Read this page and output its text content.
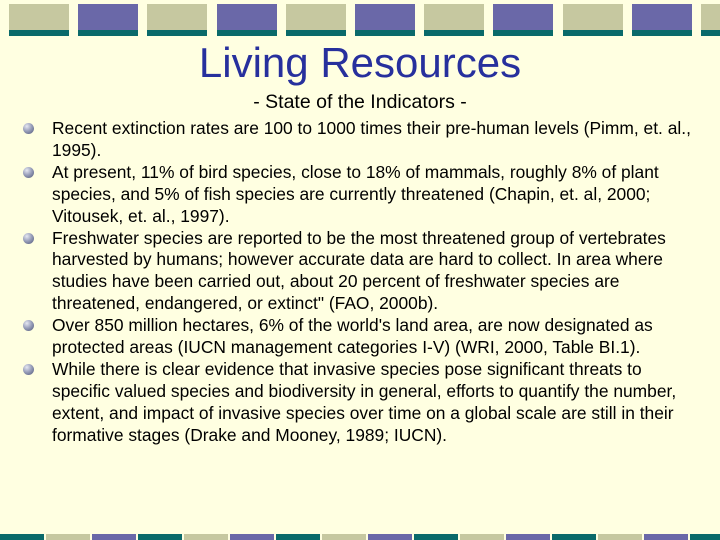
Living Resources
- State of the Indicators -
Recent extinction rates are 100 to 1000 times their pre-human levels (Pimm, et. al., 1995).
At present, 11% of bird species, close to 18% of mammals, roughly 8% of plant species, and 5% of fish species are currently threatened (Chapin, et. al, 2000; Vitousek, et. al., 1997).
Freshwater species are reported to be the most threatened group of vertebrates harvested by humans; however accurate data are hard to collect. In area where studies have been carried out, about 20 percent of freshwater species are threatened, endangered, or extinct" (FAO, 2000b).
Over 850 million hectares, 6% of the world's land area, are now designated as protected areas (IUCN management categories I-V) (WRI, 2000, Table BI.1).
While there is clear evidence that invasive species pose significant threats to specific valued species and biodiversity in general, efforts to quantify the number, extent, and impact of invasive species over time on a global scale are still in their formative stages (Drake and Mooney, 1989; IUCN).
